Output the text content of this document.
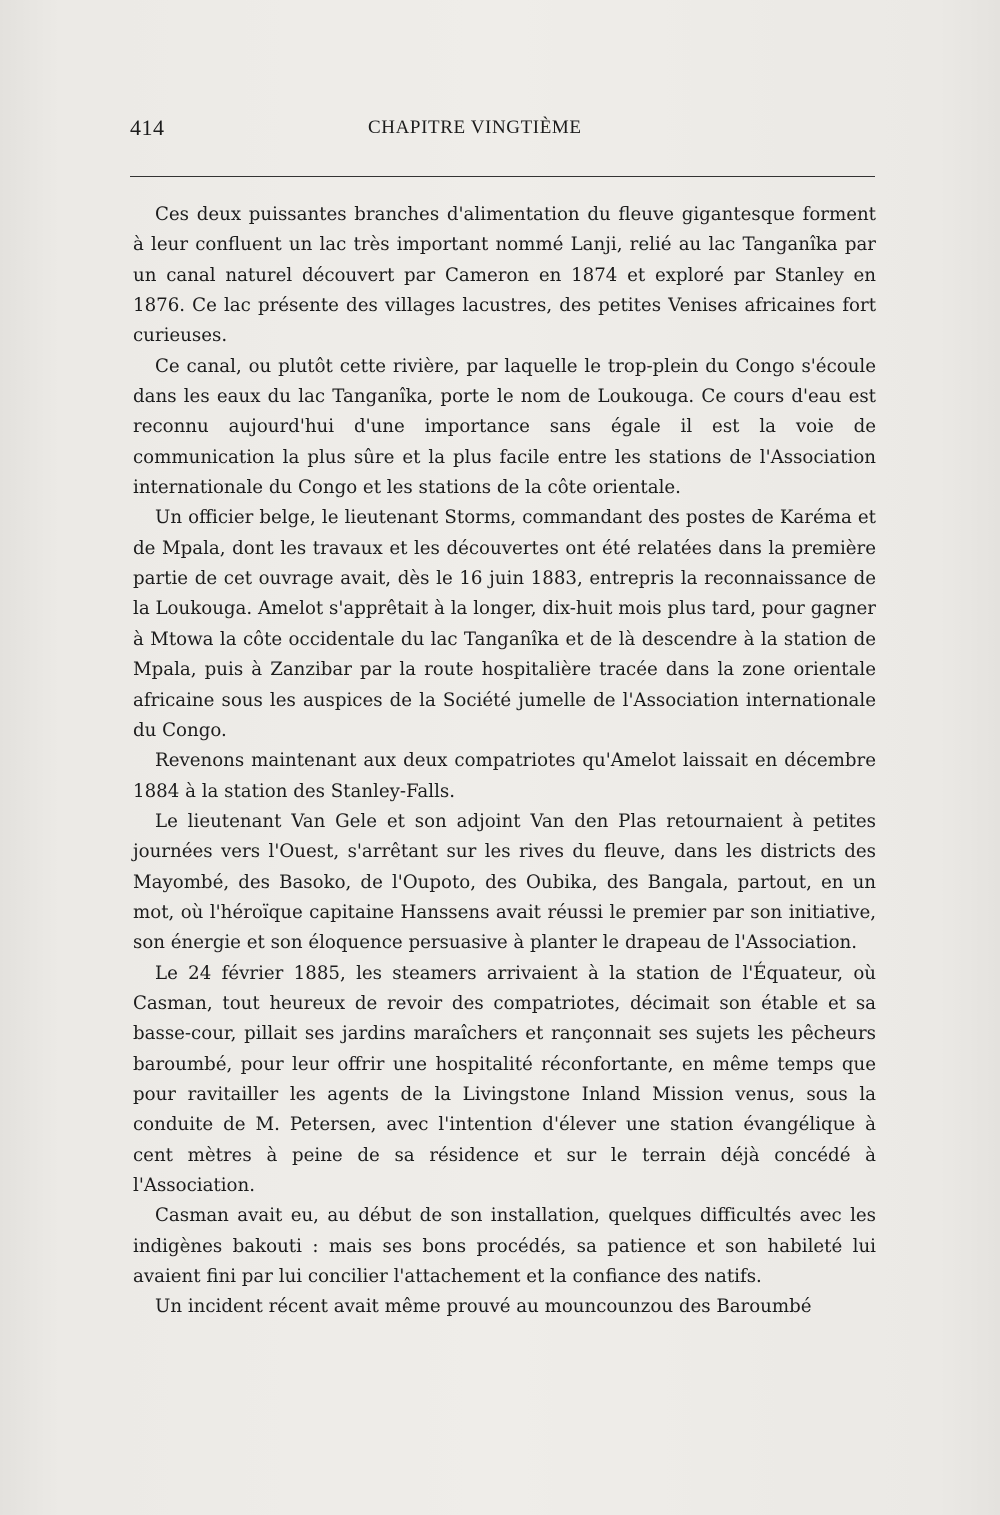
414	CHAPITRE VINGTIÈME

Ces deux puissantes branches d'alimentation du fleuve gigantesque forment à leur confluent un lac très important nommé Lanji, relié au lac Tanganîka par un canal naturel découvert par Cameron en 1874 et exploré par Stanley en 1876. Ce lac présente des villages lacustres, des petites Venises africaines fort curieuses.

Ce canal, ou plutôt cette rivière, par laquelle le trop-plein du Congo s'écoule dans les eaux du lac Tanganîka, porte le nom de Loukouga. Ce cours d'eau est reconnu aujourd'hui d'une importance sans égale il est la voie de communication la plus sûre et la plus facile entre les stations de l'Association internationale du Congo et les stations de la côte orientale.

Un officier belge, le lieutenant Storms, commandant des postes de Karéma et de Mpala, dont les travaux et les découvertes ont été relatées dans la première partie de cet ouvrage avait, dès le 16 juin 1883, entrepris la reconnaissance de la Loukouga. Amelot s'apprêtait à la longer, dix-huit mois plus tard, pour gagner à Mtowa la côte occidentale du lac Tanganîka et de là descendre à la station de Mpala, puis à Zanzibar par la route hospitalière tracée dans la zone orientale africaine sous les auspices de la Société jumelle de l'Association internationale du Congo.

Revenons maintenant aux deux compatriotes qu'Amelot laissait en décembre 1884 à la station des Stanley-Falls.

Le lieutenant Van Gele et son adjoint Van den Plas retournaient à petites journées vers l'Ouest, s'arrêtant sur les rives du fleuve, dans les districts des Mayombé, des Basoko, de l'Oupoto, des Oubika, des Bangala, partout, en un mot, où l'héroïque capitaine Hanssens avait réussi le premier par son initiative, son énergie et son éloquence persuasive à planter le drapeau de l'Association.

Le 24 février 1885, les steamers arrivaient à la station de l'Équateur, où Casman, tout heureux de revoir des compatriotes, décimait son étable et sa basse-cour, pillait ses jardins maraîchers et rançonnait ses sujets les pêcheurs baroumbé, pour leur offrir une hospitalité réconfortante, en même temps que pour ravitailler les agents de la Livingstone Inland Mission venus, sous la conduite de M. Petersen, avec l'intention d'élever une station évangélique à cent mètres à peine de sa résidence et sur le terrain déjà concédé à l'Association.

Casman avait eu, au début de son installation, quelques difficultés avec les indigènes bakouti : mais ses bons procédés, sa patience et son habileté lui avaient fini par lui concilier l'attachement et la confiance des natifs.

Un incident récent avait même prouvé au mouncounzou des Baroumbé
